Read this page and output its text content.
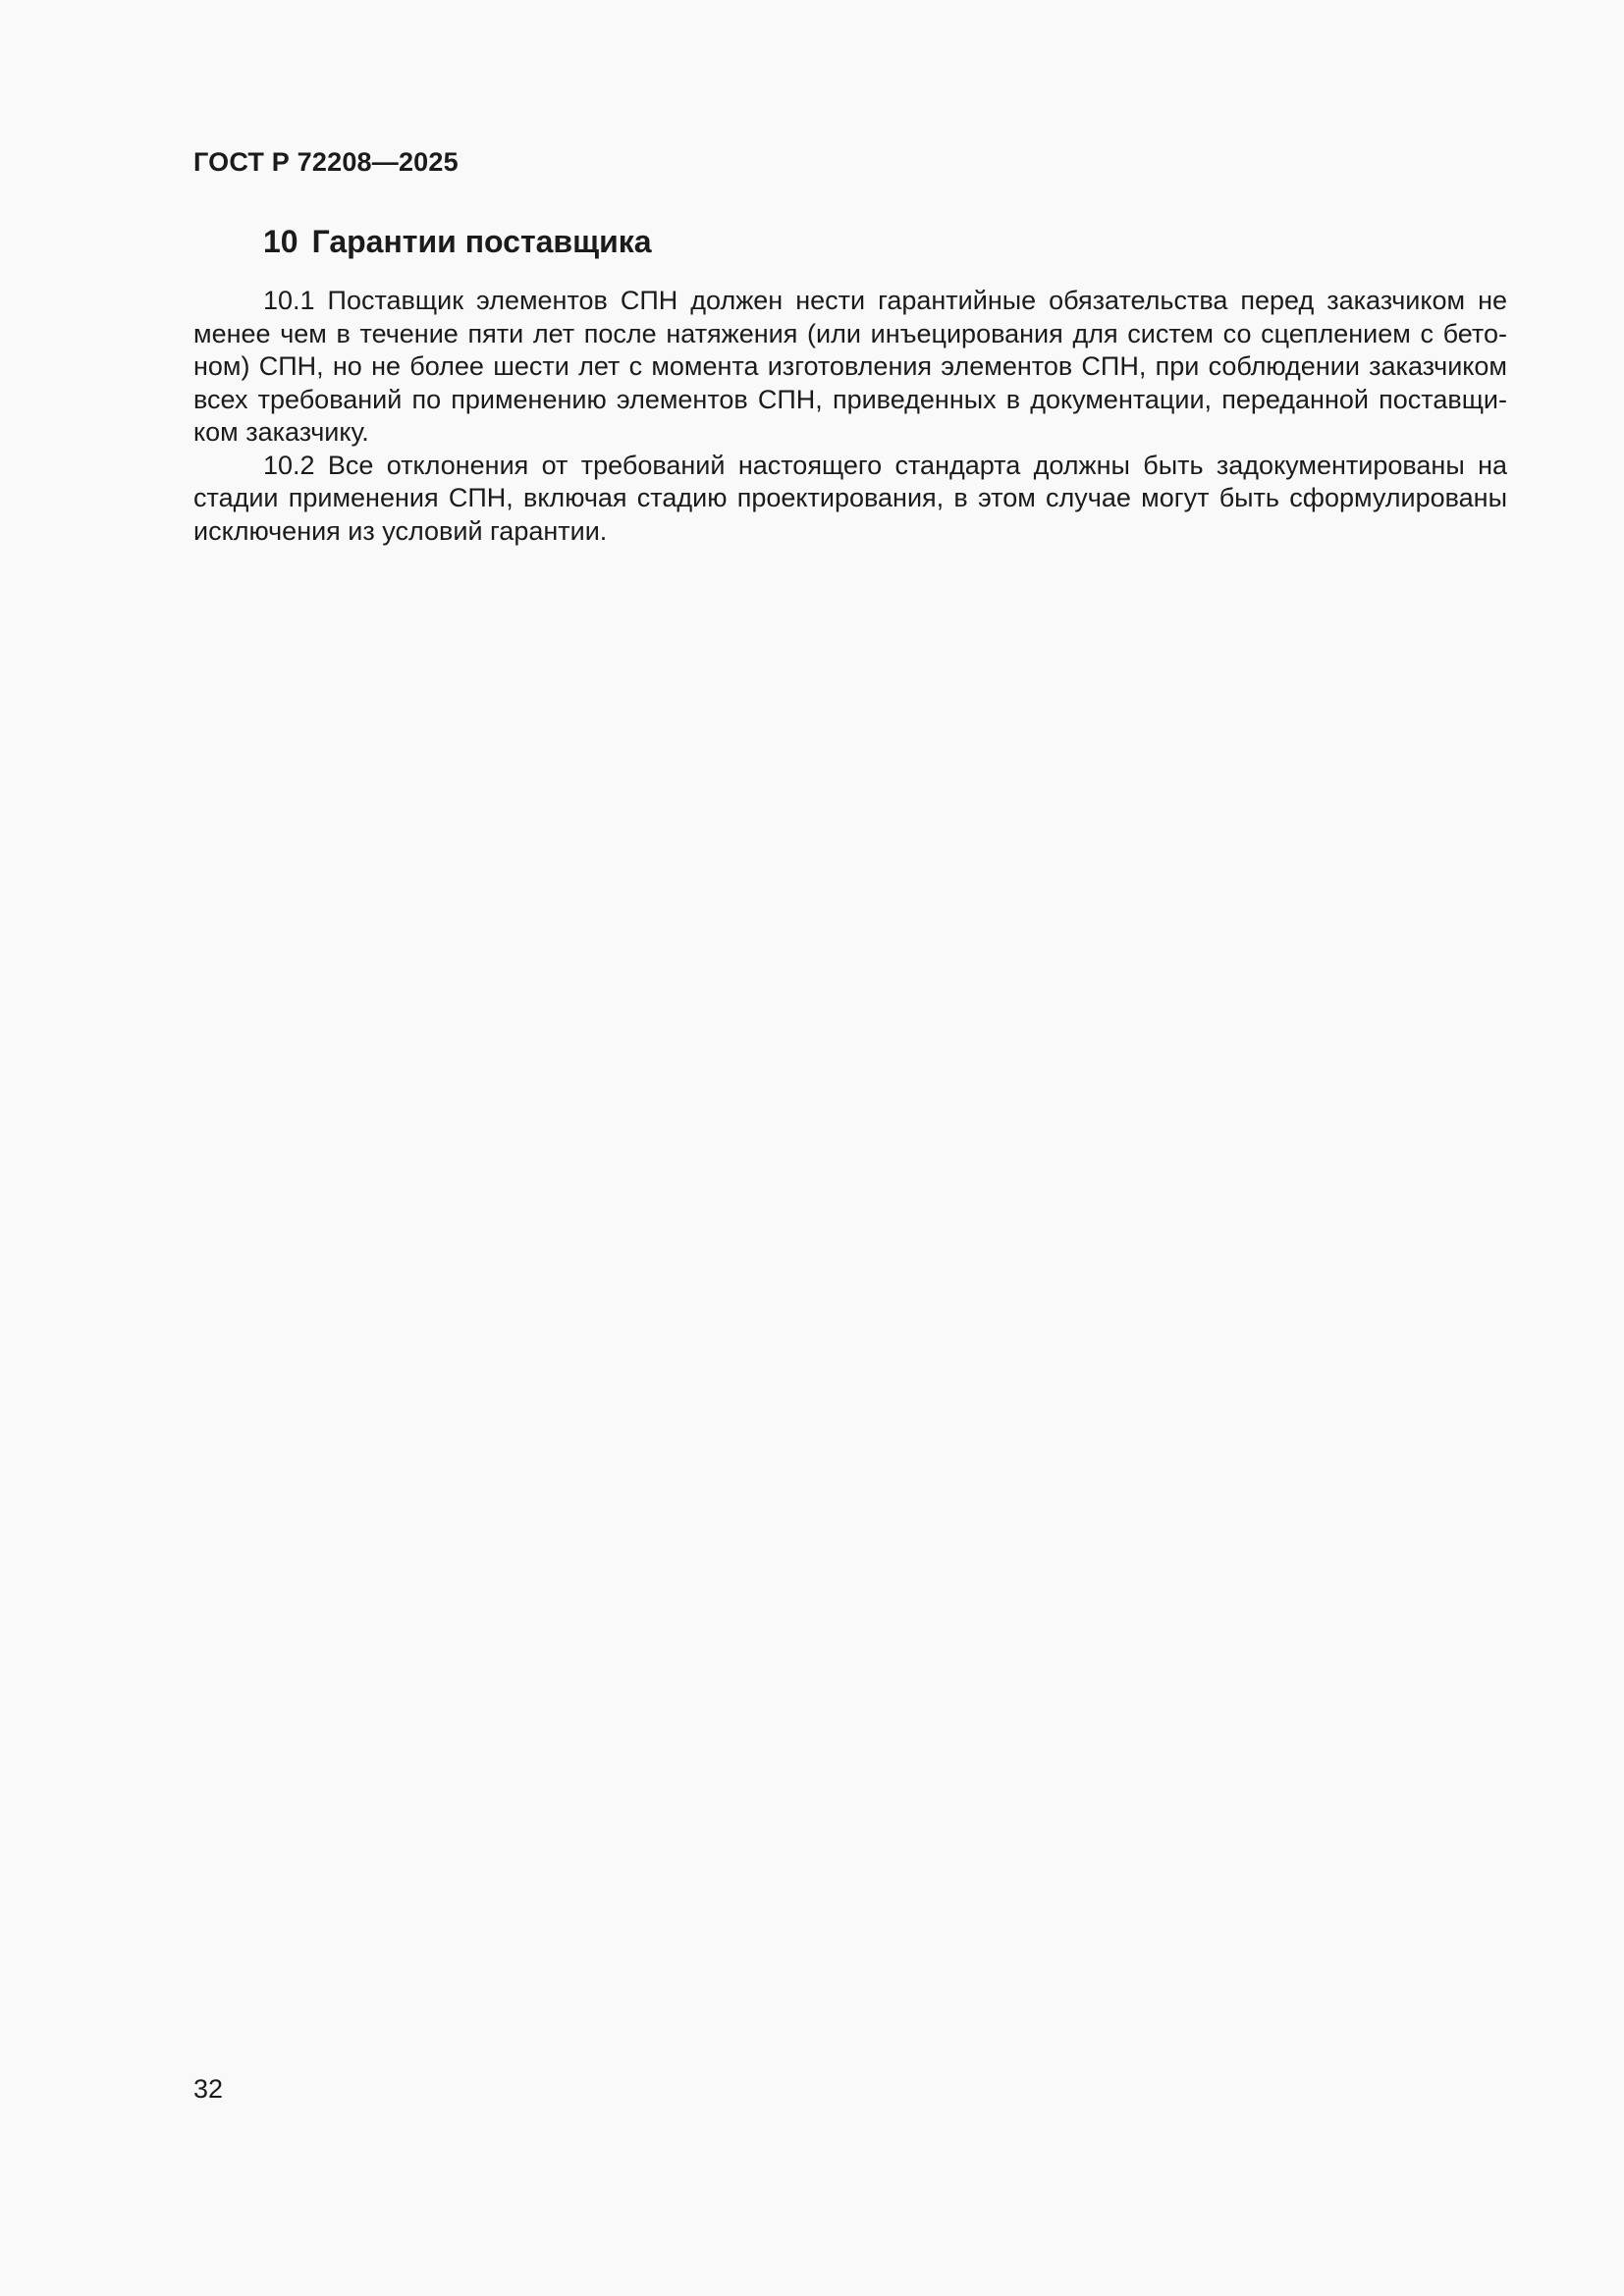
ГОСТ Р 72208—2025
10 Гарантии поставщика

10.1 Поставщик элементов СПН должен нести гарантийные обязательства перед заказчиком не менее чем в течение пяти лет после натяжения (или инъецирования для систем со сцеплением с бетоном) СПН, но не более шести лет с момента изготовления элементов СПН, при соблюдении заказчиком всех требований по применению элементов СПН, приведенных в документации, переданной поставщиком заказчику.

10.2 Все отклонения от требований настоящего стандарта должны быть задокументированы на стадии применения СПН, включая стадию проектирования, в этом случае могут быть сформулированы исключения из условий гарантии.

32
